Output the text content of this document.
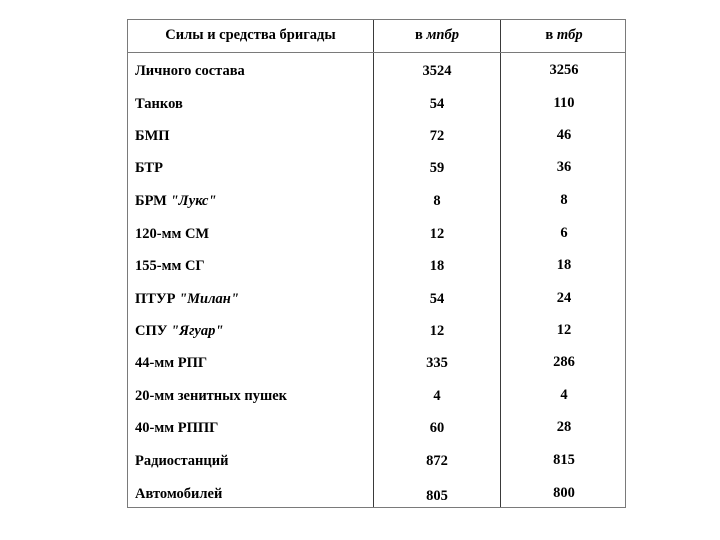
Силы и средства бригады	в мпбр	в тбр
Личного состава	3524	3256
Танков	54	110
БМП	72	46
БТР	59	36
БРМ "Лукс"	8	8
120-мм СМ	12	6
155-мм СГ	18	18
ПТУР "Милан"	54	24
СПУ "Ягуар"	12	12
44-мм РПГ	335	286
20-мм зенитных пушек	4	4
40-мм РППГ	60	28
Радиостанций	872	815
Автомобилей	805	800
